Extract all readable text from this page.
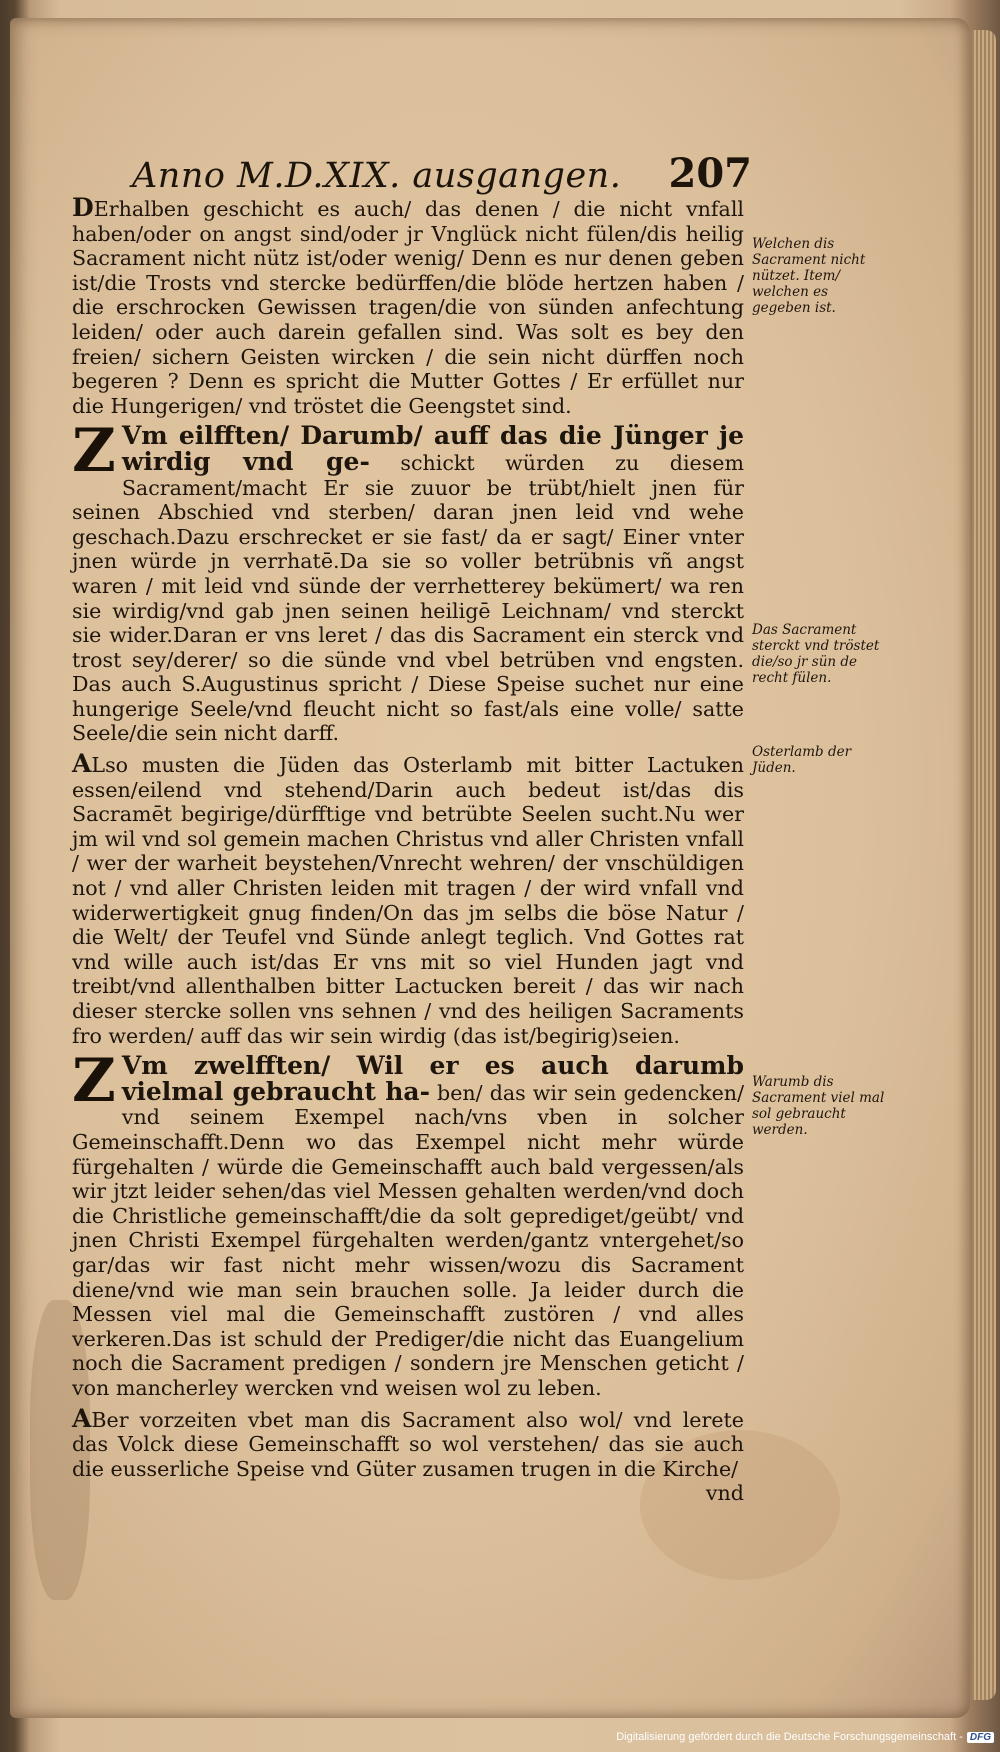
Anno M.D.XIX. ausgangen. 207

DErhalben geschicht es auch/ das denen / die nicht vnfall haben/oder on angst sind/oder jr Vnglück nicht fülen/dis heilig Sacrament nicht nütz ist/oder wenig/ Denn es nur denen geben ist/die Trosts vnd stercke bedürffen/die blöde hertzen haben / die erschrocken Gewissen tragen/die von sünden anfechtung leiden/ oder auch darein gefallen sind. Was solt es bey den freien/ sichern Geisten wircken / die sein nicht dürffen noch begeren ? Denn es spricht die Mutter Gottes / Er erfüllet nur die Hungerigen/ vnd tröstet die Geengstet sind.

Z Vm eilfften/ Darumb/ auff das die Jünger je wirdig vnd ge- schickt würden zu diesem Sacrament/macht Er sie zuuor be trübt/hielt jnen für seinen Abschied vnd sterben/ daran jnen leid vnd wehe geschach.Dazu erschrecket er sie fast/ da er sagt/ Einer vnter jnen würde jn verrhatē.Da sie so voller betrübnis vñ angst waren / mit leid vnd sünde der verrhetterey bekümert/ wa ren sie wirdig/vnd gab jnen seinen heiligē Leichnam/ vnd sterckt sie wider.Daran er vns leret / das dis Sacrament ein sterck vnd trost sey/derer/ so die sünde vnd vbel betrüben vnd engsten. Das auch S.Augustinus spricht / Diese Speise suchet nur eine hungerige Seele/vnd fleucht nicht so fast/als eine volle/ satte Seele/die sein nicht darff.

ALso musten die Jüden das Osterlamb mit bitter Lactuken essen/eilend vnd stehend/Darin auch bedeut ist/das dis Sacramēt begirige/dürfftige vnd betrübte Seelen sucht.Nu wer jm wil vnd sol gemein machen Christus vnd aller Christen vnfall / wer der warheit beystehen/Vnrecht wehren/ der vnschüldigen not / vnd aller Christen leiden mit tragen / der wird vnfall vnd widerwertigkeit gnug finden/On das jm selbs die böse Natur / die Welt/ der Teufel vnd Sünde anlegt teglich. Vnd Gottes rat vnd wille auch ist/das Er vns mit so viel Hunden jagt vnd treibt/vnd allenthalben bitter Lactucken bereit / das wir nach dieser stercke sollen vns sehnen / vnd des heiligen Sacraments fro werden/ auff das wir sein wirdig (das ist/begirig)seien.

Z Vm zwelfften/ Wil er es auch darumb vielmal gebraucht ha- ben/ das wir sein gedencken/ vnd seinem Exempel nach/vns vben in solcher Gemeinschafft.Denn wo das Exempel nicht mehr würde fürgehalten / würde die Gemeinschafft auch bald vergessen/als wir jtzt leider sehen/das viel Messen gehalten werden/vnd doch die Christliche gemeinschafft/die da solt geprediget/geübt/ vnd jnen Christi Exempel fürgehalten werden/gantz vntergehet/so gar/das wir fast nicht mehr wissen/wozu dis Sacrament diene/vnd wie man sein brauchen solle. Ja leider durch die Messen viel mal die Gemeinschafft zustören / vnd alles verkeren.Das ist schuld der Prediger/die nicht das Euangelium noch die Sacrament predigen / sondern jre Menschen geticht / von mancherley wercken vnd weisen wol zu leben.

ABer vorzeiten vbet man dis Sacrament also wol/ vnd lerete das Volck diese Gemeinschafft so wol verstehen/ das sie auch die eusserliche Speise vnd Güter zusamen trugen in die Kirche/

vnd

Welchen dis Sacrament nicht nützet. Item/ welchen es gegeben ist.
Das Sacrament sterckt vnd tröstet die/so jr sün de recht fülen.
Osterlamb der Jüden.
Warumb dis Sacrament viel mal sol gebraucht werden.
Digitalisierung gefördert durch die Deutsche Forschungsgemeinschaft - DFG
